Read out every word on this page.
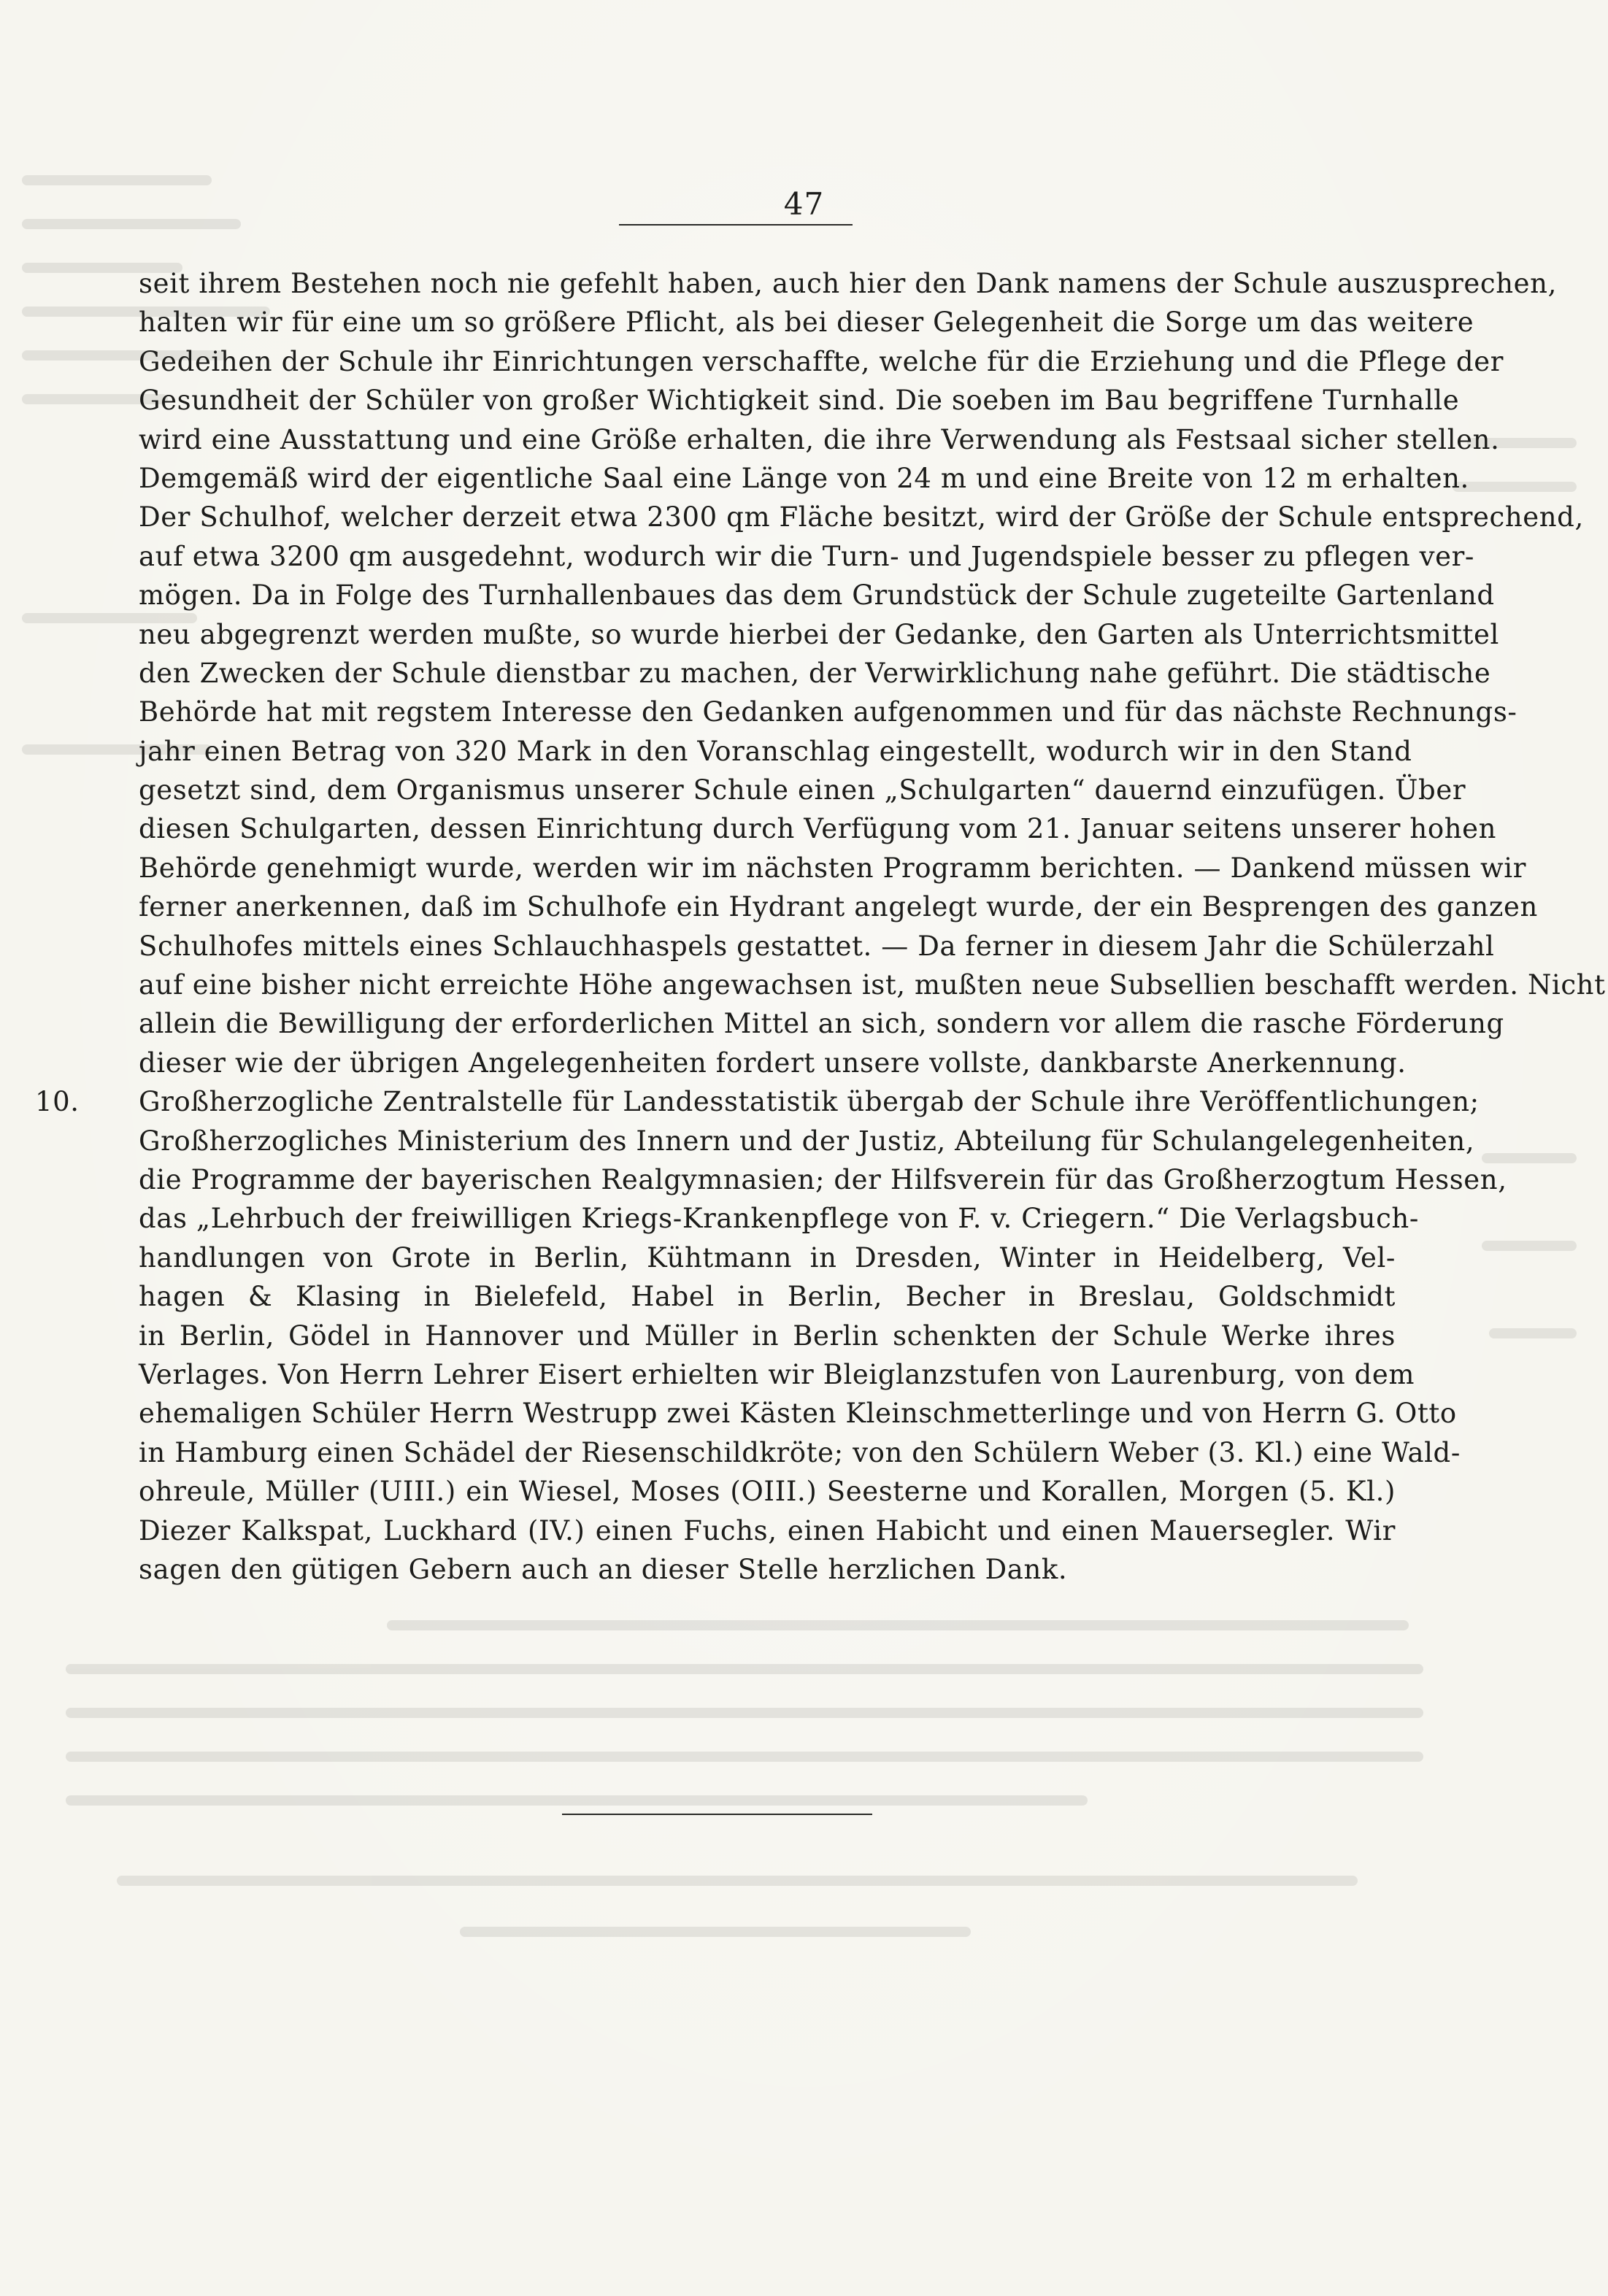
47
seit ihrem Bestehen noch nie gefehlt haben, auch hier den Dank namens der Schule auszusprechen,
halten wir für eine um so größere Pflicht, als bei dieser Gelegenheit die Sorge um das weitere
Gedeihen der Schule ihr Einrichtungen verschaffte, welche für die Erziehung und die Pflege der
Gesundheit der Schüler von großer Wichtigkeit sind. Die soeben im Bau begriffene Turnhalle
wird eine Ausstattung und eine Größe erhalten, die ihre Verwendung als Festsaal sicher stellen.
Demgemäß wird der eigentliche Saal eine Länge von 24 m und eine Breite von 12 m erhalten.
Der Schulhof, welcher derzeit etwa 2300 qm Fläche besitzt, wird der Größe der Schule entsprechend,
auf etwa 3200 qm ausgedehnt, wodurch wir die Turn- und Jugendspiele besser zu pflegen ver-
mögen. Da in Folge des Turnhallenbaues das dem Grundstück der Schule zugeteilte Gartenland
neu abgegrenzt werden mußte, so wurde hierbei der Gedanke, den Garten als Unterrichtsmittel
den Zwecken der Schule dienstbar zu machen, der Verwirklichung nahe geführt. Die städtische
Behörde hat mit regstem Interesse den Gedanken aufgenommen und für das nächste Rechnungs-
jahr einen Betrag von 320 Mark in den Voranschlag eingestellt, wodurch wir in den Stand
gesetzt sind, dem Organismus unserer Schule einen „Schulgarten“ dauernd einzufügen. Über
diesen Schulgarten, dessen Einrichtung durch Verfügung vom 21. Januar seitens unserer hohen
Behörde genehmigt wurde, werden wir im nächsten Programm berichten. — Dankend müssen wir
ferner anerkennen, daß im Schulhofe ein Hydrant angelegt wurde, der ein Besprengen des ganzen
Schulhofes mittels eines Schlauchhaspels gestattet. — Da ferner in diesem Jahr die Schülerzahl
auf eine bisher nicht erreichte Höhe angewachsen ist, mußten neue Subsellien beschafft werden. Nicht
allein die Bewilligung der erforderlichen Mittel an sich, sondern vor allem die rasche Förderung
dieser wie der übrigen Angelegenheiten fordert unsere vollste, dankbarste Anerkennung.
10. Großherzogliche Zentralstelle für Landesstatistik übergab der Schule ihre Veröffentlichungen;
Großherzogliches Ministerium des Innern und der Justiz, Abteilung für Schulangelegenheiten,
die Programme der bayerischen Realgymnasien; der Hilfsverein für das Großherzogtum Hessen,
das „Lehrbuch der freiwilligen Kriegs-Krankenpflege von F. v. Criegern.“ Die Verlagsbuch-
handlungen von Grote in Berlin, Kühtmann in Dresden, Winter in Heidelberg, Vel-
hagen & Klasing in Bielefeld, Habel in Berlin, Becher in Breslau, Goldschmidt
in Berlin, Gödel in Hannover und Müller in Berlin schenkten der Schule Werke ihres
Verlages. Von Herrn Lehrer Eisert erhielten wir Bleiglanzstufen von Laurenburg, von dem
ehemaligen Schüler Herrn Westrupp zwei Kästen Kleinschmetterlinge und von Herrn G. Otto
in Hamburg einen Schädel der Riesenschildkröte; von den Schülern Weber (3. Kl.) eine Wald-
ohreule, Müller (UIII.) ein Wiesel, Moses (OIII.) Seesterne und Korallen, Morgen (5. Kl.)
Diezer Kalkspat, Luckhard (IV.) einen Fuchs, einen Habicht und einen Mauersegler. Wir
sagen den gütigen Gebern auch an dieser Stelle herzlichen Dank.
